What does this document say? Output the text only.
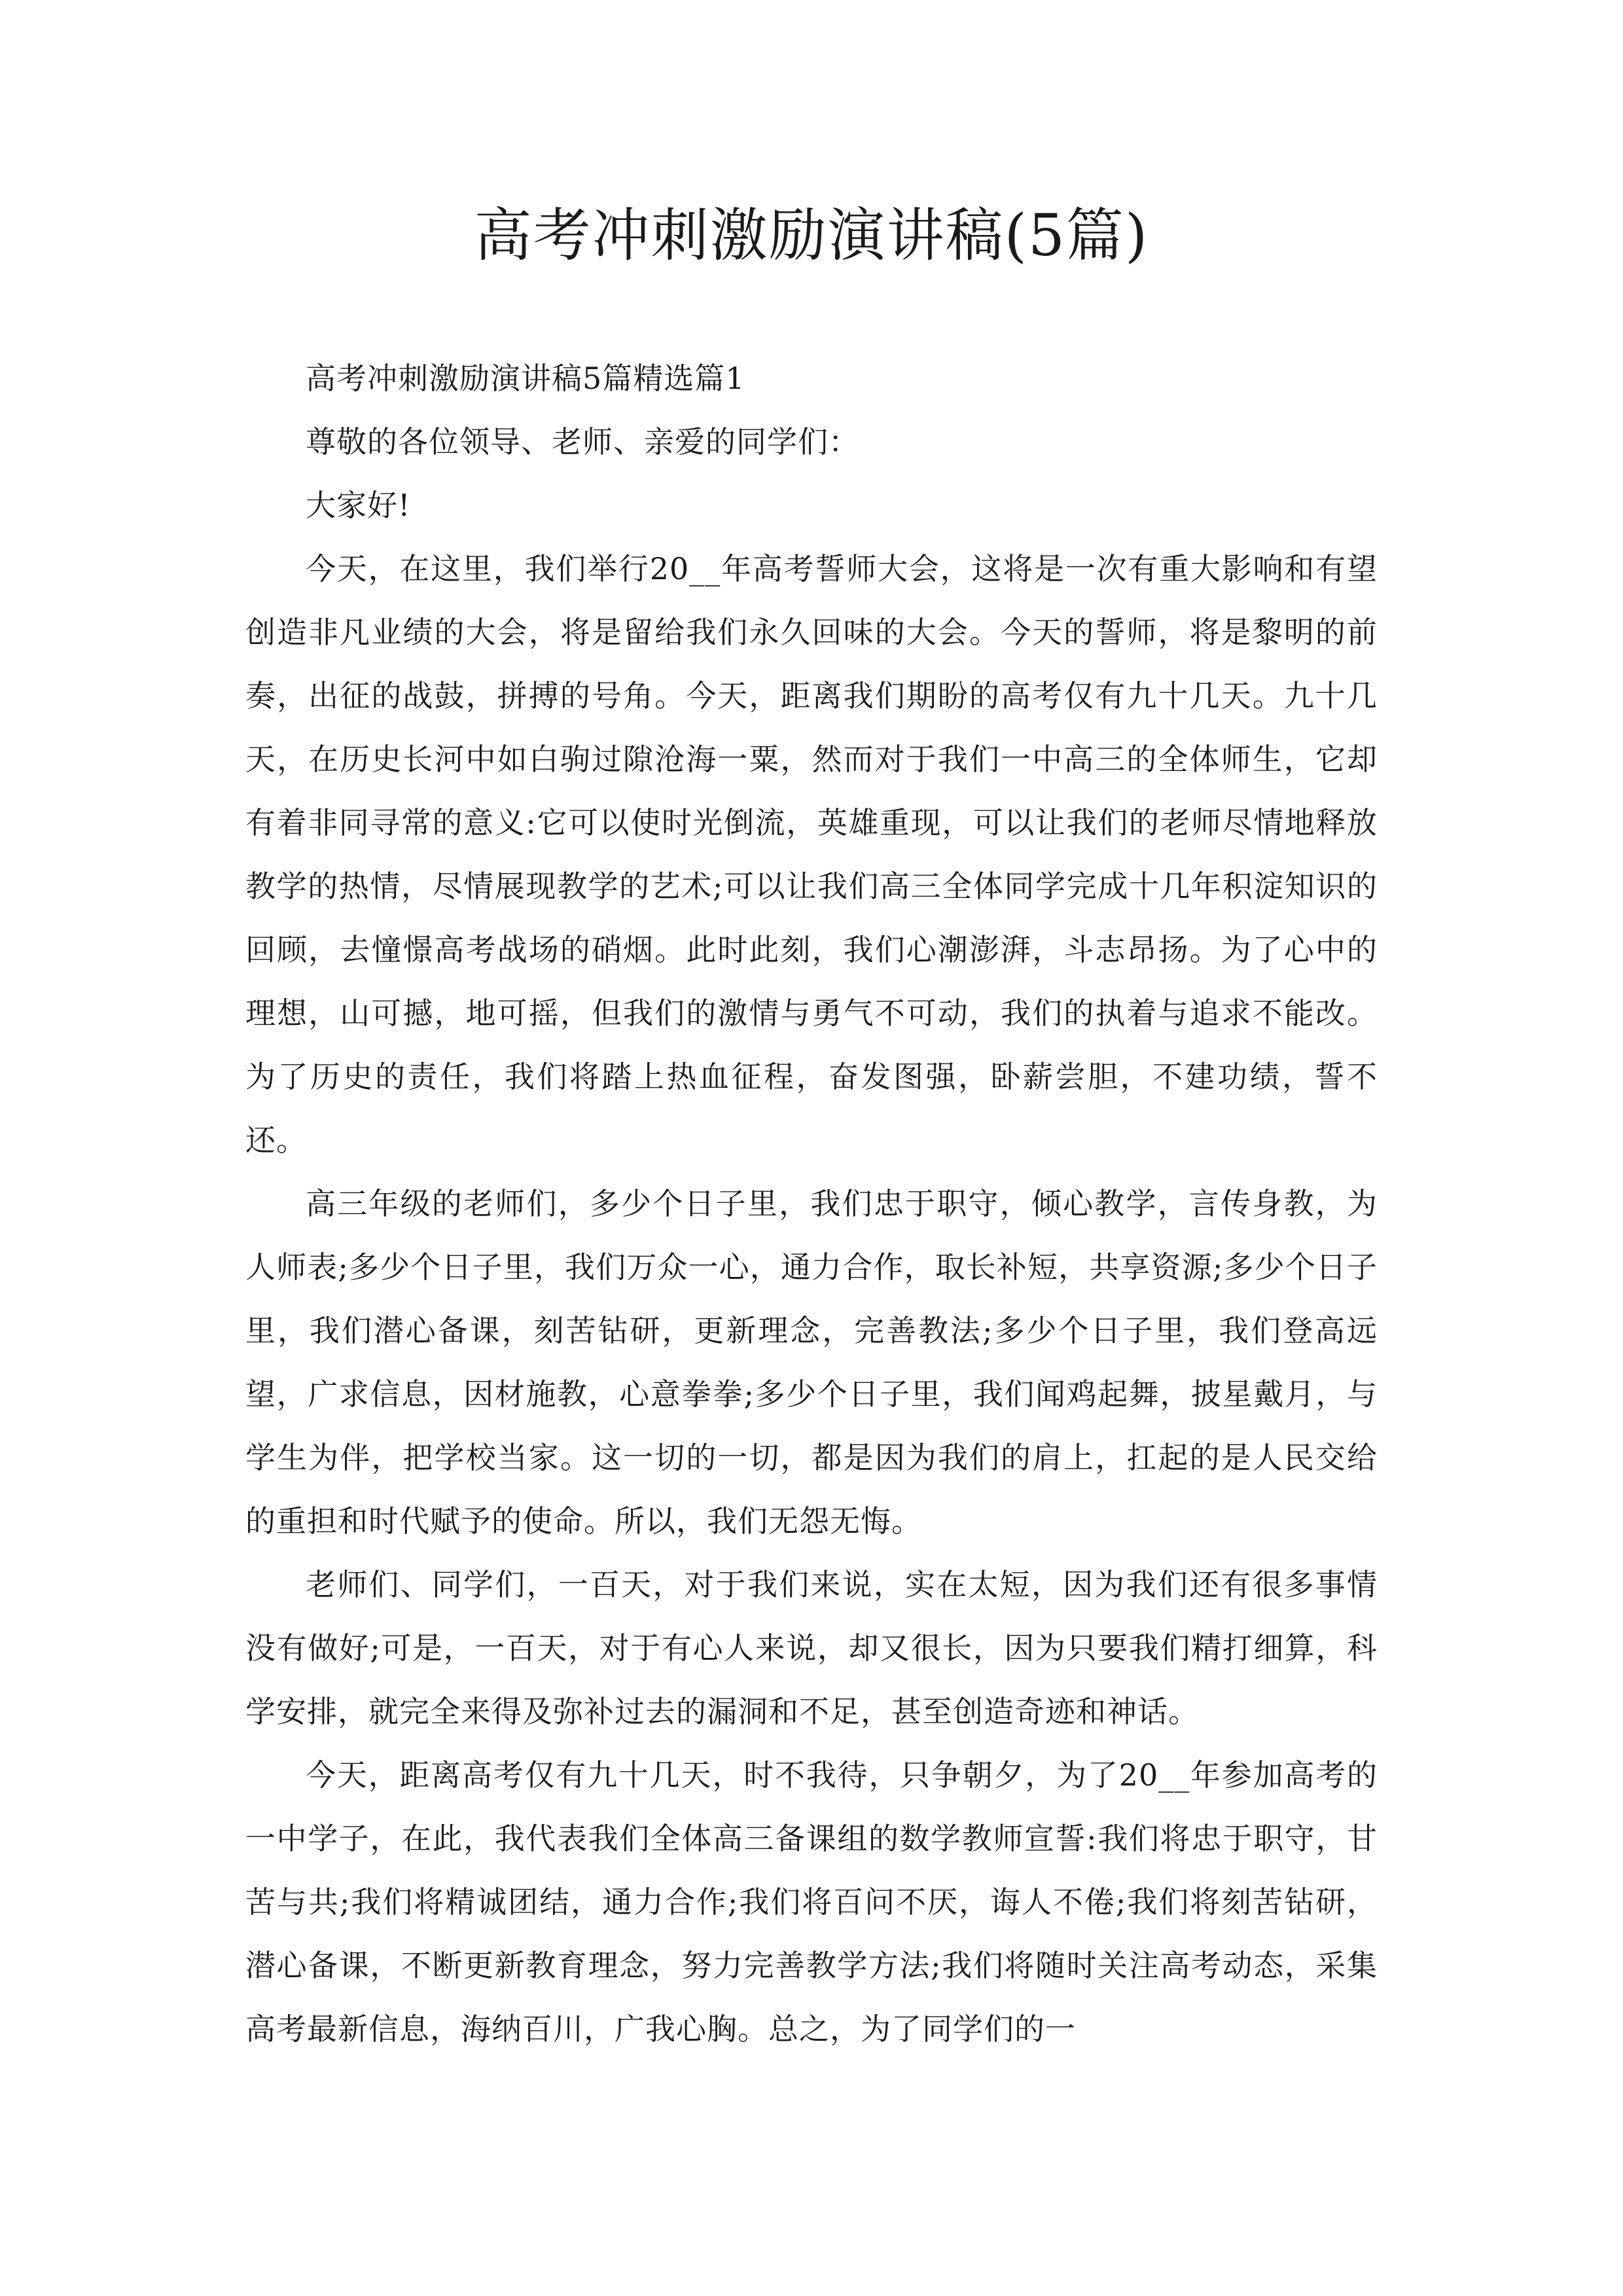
高考冲刺激励演讲稿(5篇)

高考冲刺激励演讲稿5篇精选篇1

尊敬的各位领导、老师、亲爱的同学们：

大家好!

今天，在这里，我们举行20__年高考誓师大会，这将是一次有重大影响和有望创造非凡业绩的大会，将是留给我们永久回味的大会。今天的誓师，将是黎明的前奏，出征的战鼓，拼搏的号角。今天，距离我们期盼的高考仅有九十几天。九十几天，在历史长河中如白驹过隙沧海一粟，然而对于我们一中高三的全体师生，它却有着非同寻常的意义:它可以使时光倒流，英雄重现，可以让我们的老师尽情地释放教学的热情，尽情展现教学的艺术;可以让我们高三全体同学完成十几年积淀知识的回顾，去憧憬高考战场的硝烟。此时此刻，我们心潮澎湃，斗志昂扬。为了心中的理想，山可撼，地可摇，但我们的激情与勇气不可动，我们的执着与追求不能改。为了历史的责任，我们将踏上热血征程，奋发图强，卧薪尝胆，不建功绩，誓不还。

高三年级的老师们，多少个日子里，我们忠于职守，倾心教学，言传身教，为人师表;多少个日子里，我们万众一心，通力合作，取长补短，共享资源;多少个日子里，我们潜心备课，刻苦钻研，更新理念，完善教法;多少个日子里，我们登高远望，广求信息，因材施教，心意拳拳;多少个日子里，我们闻鸡起舞，披星戴月，与学生为伴，把学校当家。这一切的一切，都是因为我们的肩上，扛起的是人民交给的重担和时代赋予的使命。所以，我们无怨无悔。

老师们、同学们，一百天，对于我们来说，实在太短，因为我们还有很多事情没有做好;可是，一百天，对于有心人来说，却又很长，因为只要我们精打细算，科学安排，就完全来得及弥补过去的漏洞和不足，甚至创造奇迹和神话。

今天，距离高考仅有九十几天，时不我待，只争朝夕，为了20__年参加高考的一中学子，在此，我代表我们全体高三备课组的数学教师宣誓:我们将忠于职守，甘苦与共;我们将精诚团结，通力合作;我们将百问不厌，诲人不倦;我们将刻苦钻研，潜心备课，不断更新教育理念，努力完善教学方法;我们将随时关注高考动态，采集高考最新信息，海纳百川，广我心胸。总之，为了同学们的一
